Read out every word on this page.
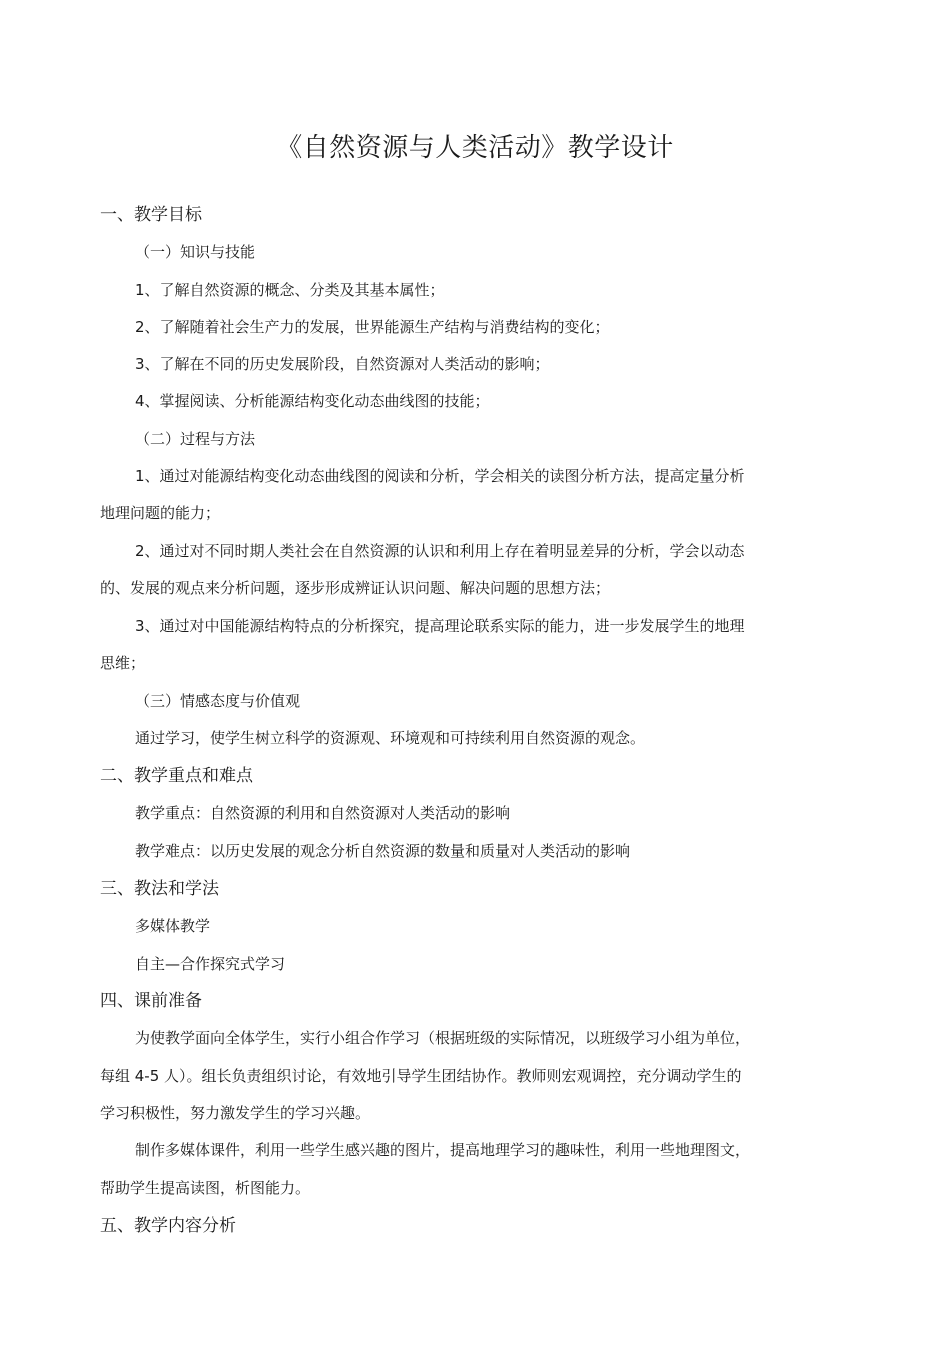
《自然资源与人类活动》教学设计
一、教学目标

（一）知识与技能

1、了解自然资源的概念、分类及其基本属性；

2、了解随着社会生产力的发展，世界能源生产结构与消费结构的变化；

3、了解在不同的历史发展阶段，自然资源对人类活动的影响；

4、掌握阅读、分析能源结构变化动态曲线图的技能；

（二）过程与方法

1、通过对能源结构变化动态曲线图的阅读和分析，学会相关的读图分析方法，提高定量分析

地理问题的能力；

2、通过对不同时期人类社会在自然资源的认识和利用上存在着明显差异的分析，学会以动态

的、发展的观点来分析问题，逐步形成辨证认识问题、解决问题的思想方法；

3、通过对中国能源结构特点的分析探究，提高理论联系实际的能力，进一步发展学生的地理

思维；

（三）情感态度与价值观

通过学习，使学生树立科学的资源观、环境观和可持续利用自然资源的观念。

二、教学重点和难点

教学重点：自然资源的利用和自然资源对人类活动的影响

教学难点：以历史发展的观念分析自然资源的数量和质量对人类活动的影响

三、教法和学法

多媒体教学

自主—合作探究式学习

四、课前准备

为使教学面向全体学生，实行小组合作学习（根据班级的实际情况，以班级学习小组为单位，

每组 4-5 人）。组长负责组织讨论，有效地引导学生团结协作。教师则宏观调控，充分调动学生的

学习积极性，努力激发学生的学习兴趣。

制作多媒体课件，利用一些学生感兴趣的图片，提高地理学习的趣味性，利用一些地理图文，

帮助学生提高读图，析图能力。

五、教学内容分析
